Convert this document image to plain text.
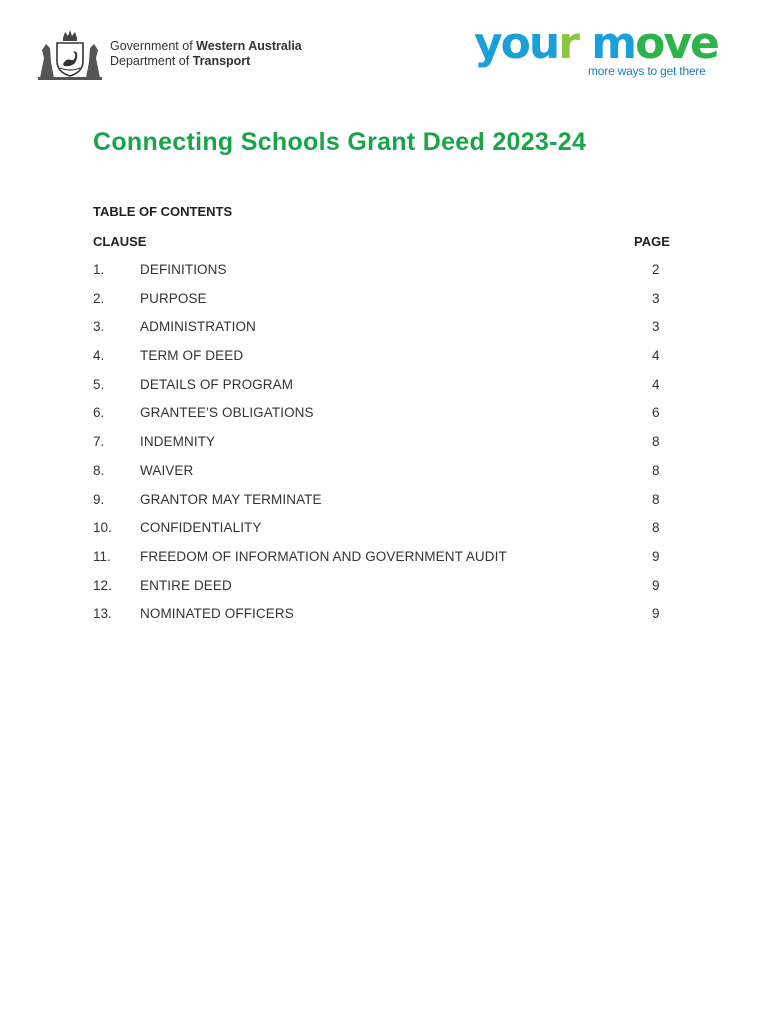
Government of Western Australia
Department of Transport	your move
more ways to get there
Connecting Schools Grant Deed 2023-24
TABLE OF CONTENTS
CLAUSE	PAGE
1.	DEFINITIONS	2
2.	PURPOSE	3
3.	ADMINISTRATION	3
4.	TERM OF DEED	4
5.	DETAILS OF PROGRAM	4
6.	GRANTEE’S OBLIGATIONS	6
7.	INDEMNITY	8
8.	WAIVER	8
9.	GRANTOR MAY TERMINATE	8
10. CONFIDENTIALITY	8
11. FREEDOM OF INFORMATION AND GOVERNMENT AUDIT	9
12. ENTIRE DEED	9
13. NOMINATED OFFICERS	9
